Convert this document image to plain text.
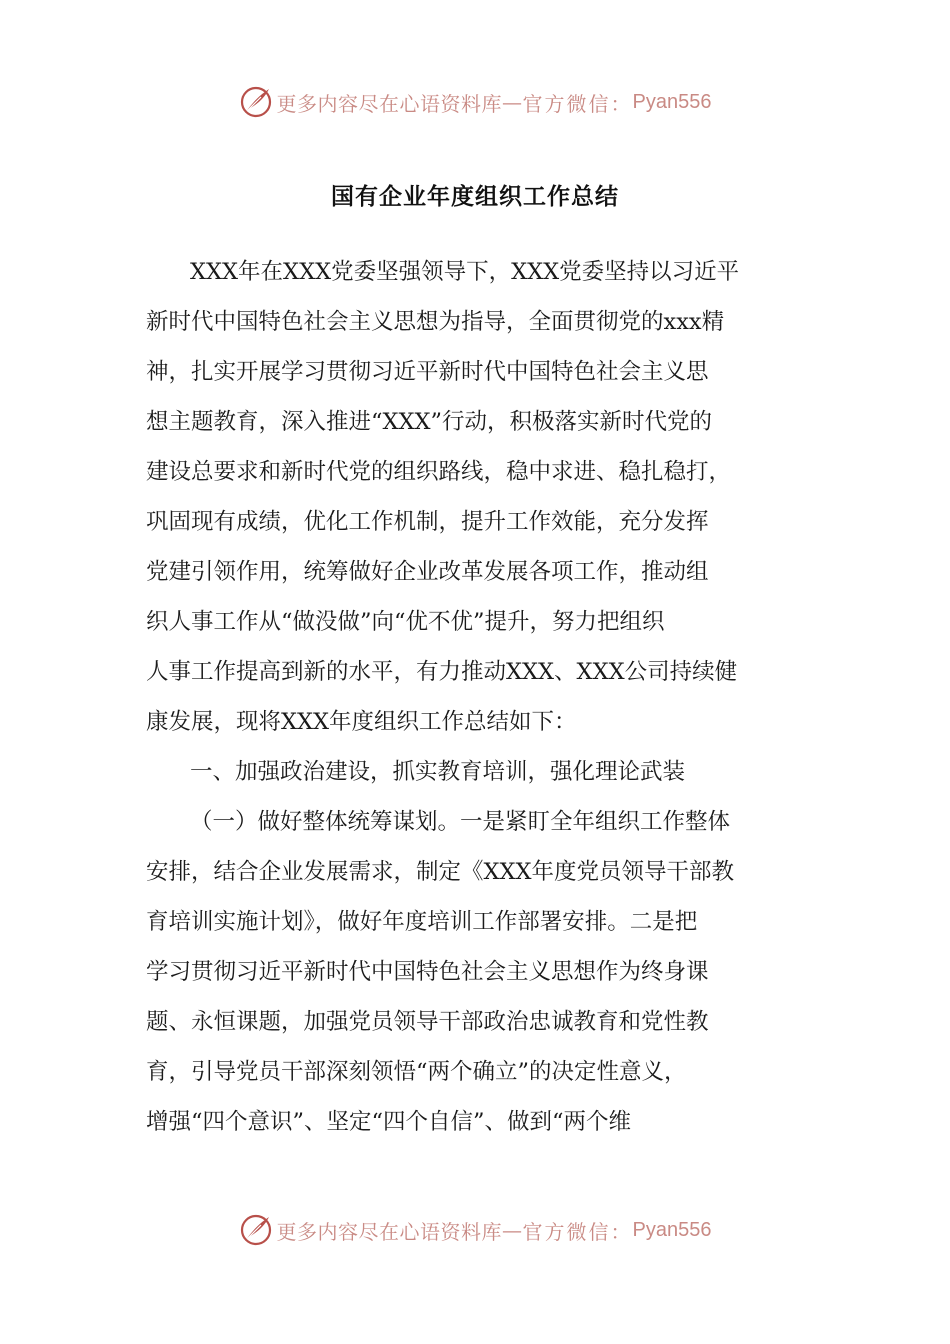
更多内容尽在心语资料库 — 官方微信： Pyan556
国有企业年度组织工作总结
XXX年在XXX党委坚强领导下，XXX党委坚持以习近平
新时代中国特色社会主义思想为指导，全面贯彻党的xxx精
神，扎实开展学习贯彻习近平新时代中国特色社会主义思
想主题教育，深入推进“XXX”行动，积极落实新时代党的
建设总要求和新时代党的组织路线，稳中求进、稳扎稳打，
巩固现有成绩，优化工作机制，提升工作效能，充分发挥
党建引领作用，统筹做好企业改革发展各项工作，推动组
织人事工作从“做没做”向“优不优”提升，努力把组织
人事工作提高到新的水平，有力推动XXX、XXX公司持续健
康发展，现将XXX年度组织工作总结如下：
一、加强政治建设，抓实教育培训，强化理论武装
（一）做好整体统筹谋划。一是紧盯全年组织工作整体
安排，结合企业发展需求，制定《XXX年度党员领导干部教
育培训实施计划》，做好年度培训工作部署安排。二是把
学习贯彻习近平新时代中国特色社会主义思想作为终身课
题、永恒课题，加强党员领导干部政治忠诚教育和党性教
育，引导党员干部深刻领悟“两个确立”的决定性意义，
增强“四个意识”、坚定“四个自信”、做到“两个维
更多内容尽在心语资料库 — 官方微信： Pyan556
